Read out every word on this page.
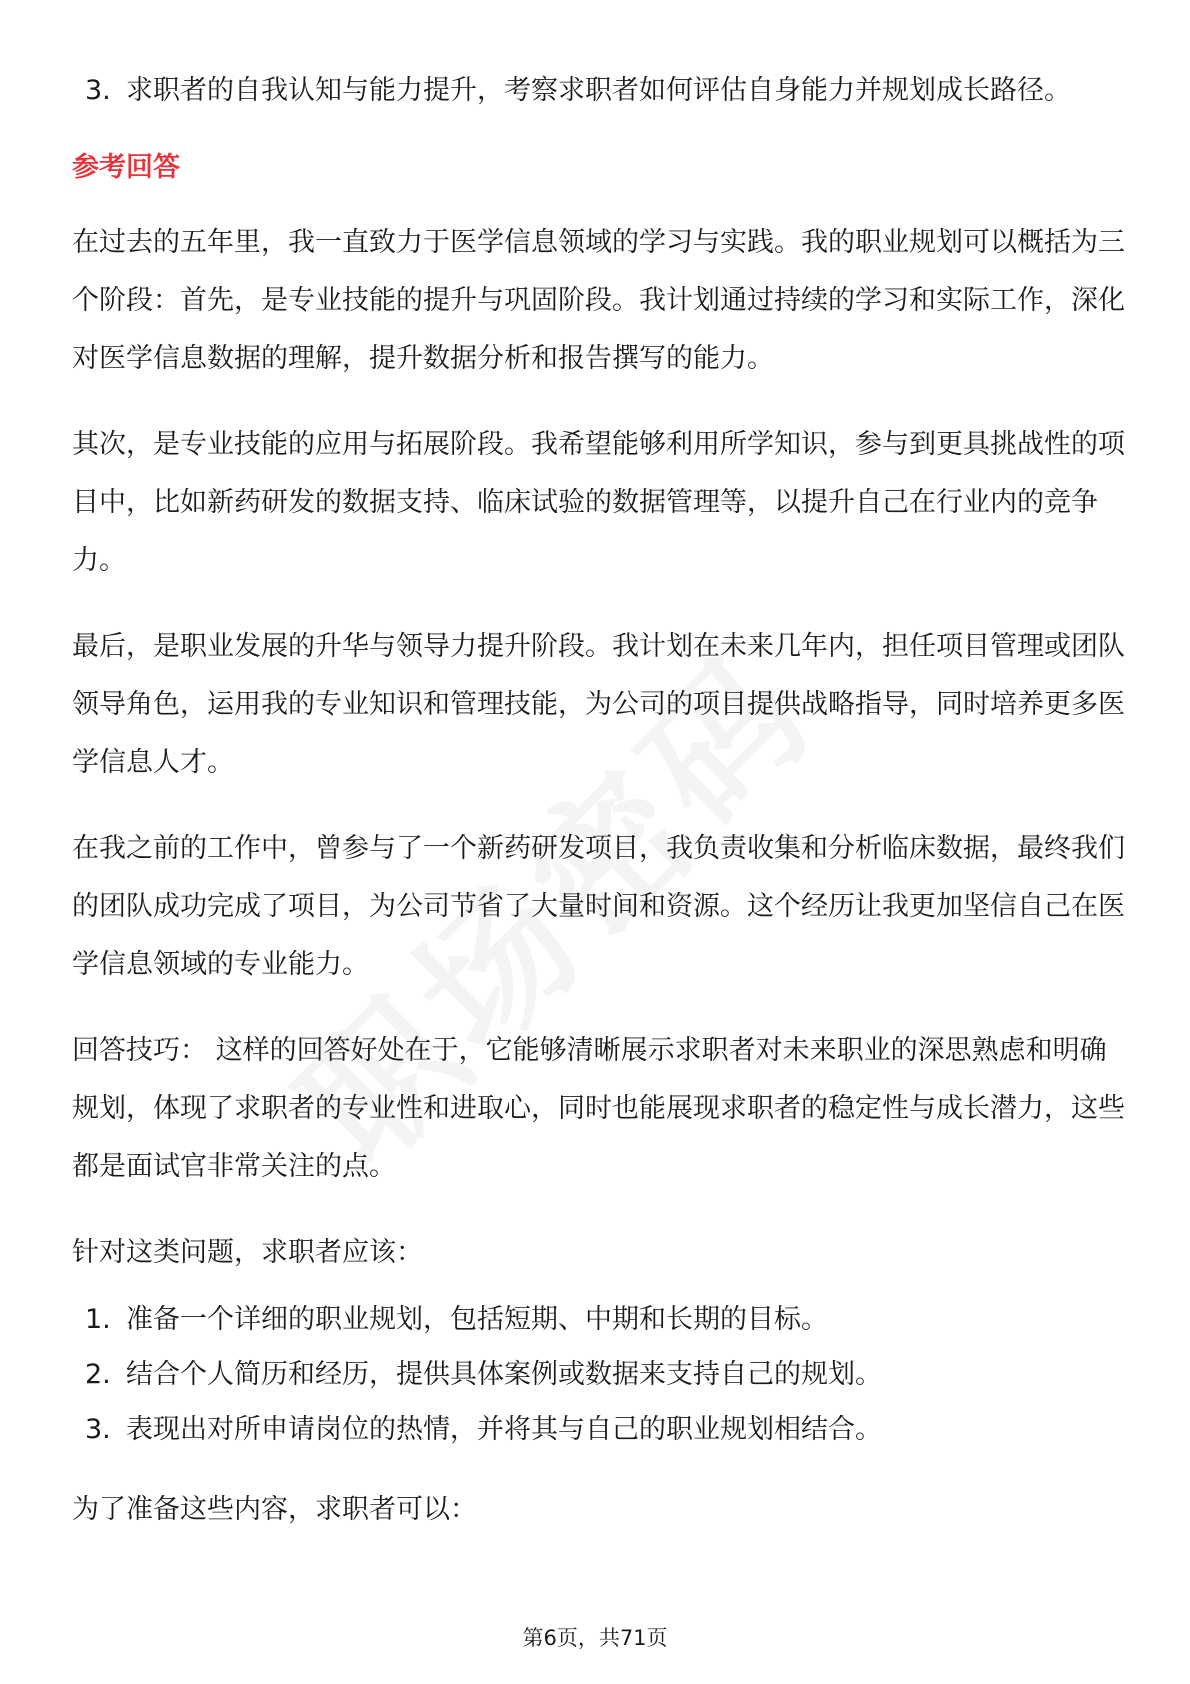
3. 求职者的自我认知与能力提升，考察求职者如何评估自身能力并规划成长路径。
参考回答

在过去的五年里，我一直致力于医学信息领域的学习与实践。我的职业规划可以概括为三个阶段：首先，是专业技能的提升与巩固阶段。我计划通过持续的学习和实际工作，深化对医学信息数据的理解，提升数据分析和报告撰写的能力。

其次，是专业技能的应用与拓展阶段。我希望能够利用所学知识，参与到更具挑战性的项目中，比如新药研发的数据支持、临床试验的数据管理等，以提升自己在行业内的竞争力。

最后，是职业发展的升华与领导力提升阶段。我计划在未来几年内，担任项目管理或团队领导角色，运用我的专业知识和管理技能，为公司的项目提供战略指导，同时培养更多医学信息人才。

在我之前的工作中，曾参与了一个新药研发项目，我负责收集和分析临床数据，最终我们的团队成功完成了项目，为公司节省了大量时间和资源。这个经历让我更加坚信自己在医学信息领域的专业能力。

回答技巧： 这样的回答好处在于，它能够清晰展示求职者对未来职业的深思熟虑和明确规划，体现了求职者的专业性和进取心，同时也能展现求职者的稳定性与成长潜力，这些都是面试官非常关注的点。

针对这类问题，求职者应该：

1. 准备一个详细的职业规划，包括短期、中期和长期的目标。
2. 结合个人简历和经历，提供具体案例或数据来支持自己的规划。
3. 表现出对所申请岗位的热情，并将其与自己的职业规划相结合。

为了准备这些内容，求职者可以：

第6页，共71页
